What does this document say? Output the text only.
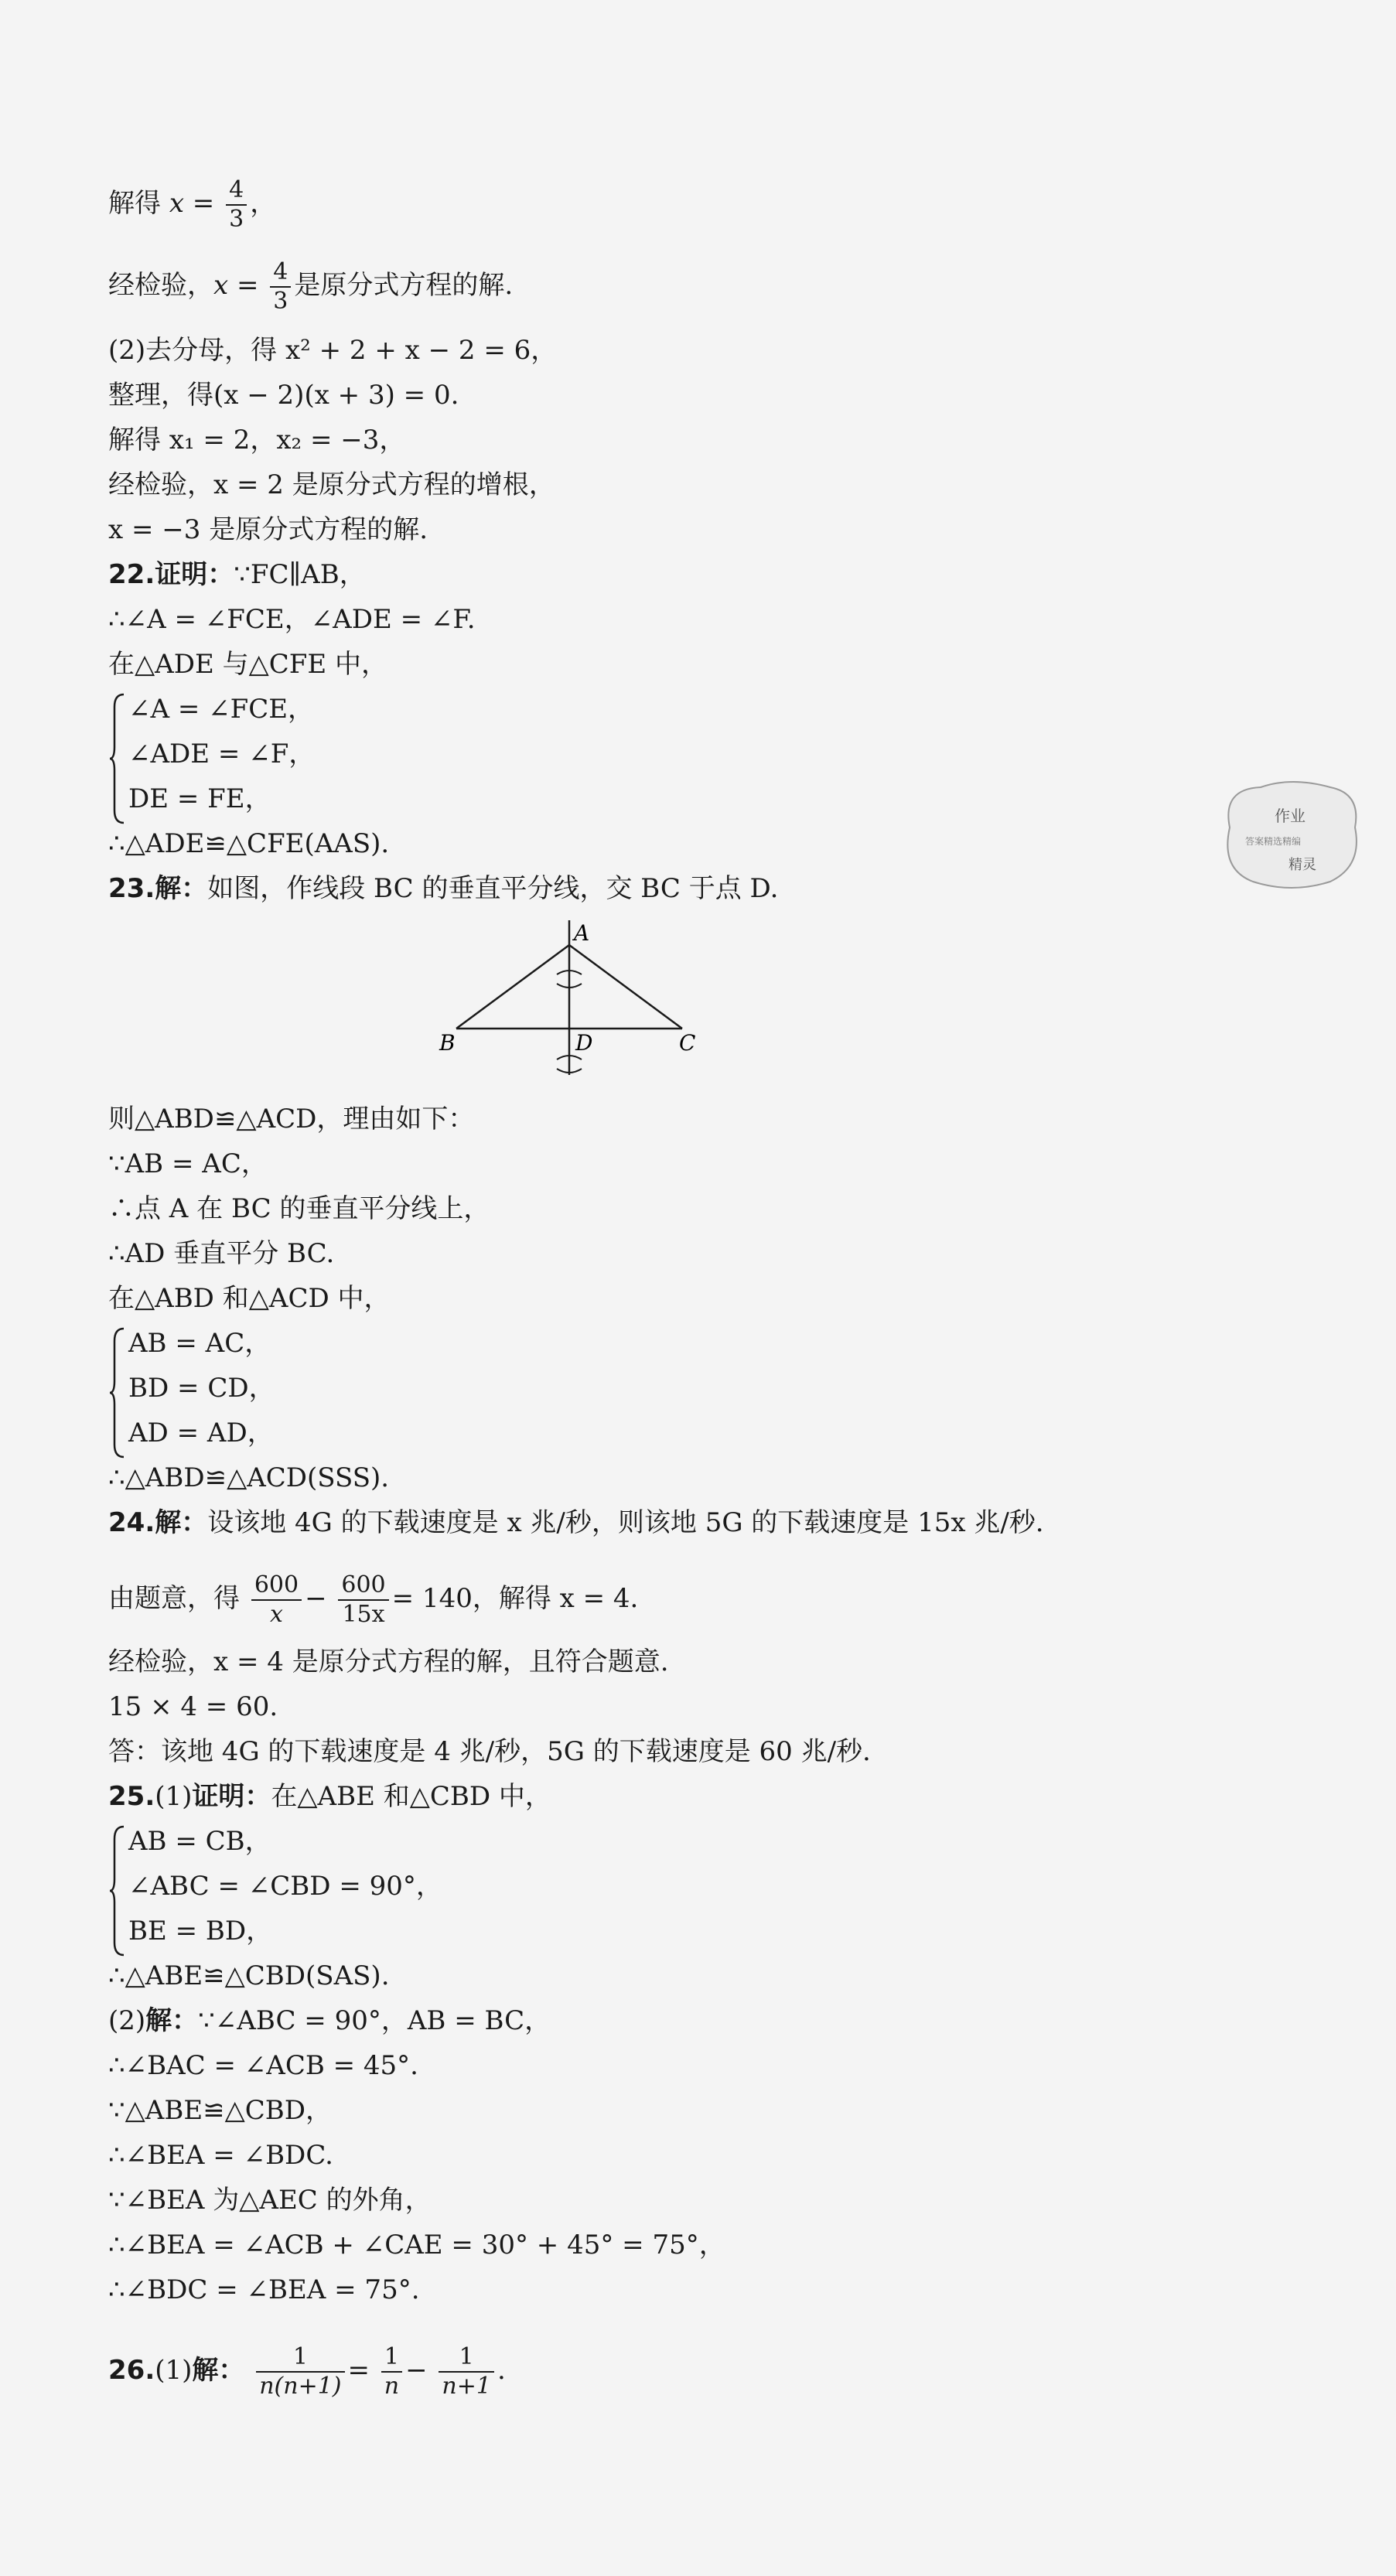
解得 $x = \frac{4}{3}$ ，
经检验，$x = \frac{4}{3}$ 是原分式方程的解.
(2)去分母，得 x² + 2 + x − 2 = 6，
整理，得(x − 2)(x + 3) = 0.
解得 x₁ = 2，x₂ = −3，
经检验，x = 2 是原分式方程的增根，
x = −3 是原分式方程的解.
22.证明：∵FC∥AB，
∴∠A = ∠FCE，∠ADE = ∠F.
在△ADE 与△CFE 中，
∠A = ∠FCE，
∠ADE = ∠F，
DE = FE，
∴△ADE≌△CFE(AAS).
23.解：如图，作线段 BC 的垂直平分线，交 BC 于点 D.
A
B	C
D
则△ABD≌△ACD，理由如下：
∵AB = AC，
∴点 A 在 BC 的垂直平分线上，
∴AD 垂直平分 BC.
在△ABD 和△ACD 中，
AB = AC，
BD = CD，
AD = AD，
∴△ABD≌△ACD(SSS).
24.解：设该地 4G 的下载速度是 x 兆/秒，则该地 5G 的下载速度是 15x 兆/秒.
由题意，得 $\frac{600}{x} - \frac{600}{15x} = 140$，解得 x = 4.
经检验，x = 4 是原分式方程的解，且符合题意.
15 × 4 = 60.
答：该地 4G 的下载速度是 4 兆/秒，5G 的下载速度是 60 兆/秒.
25.(1)证明：在△ABE 和△CBD 中，
AB = CB，
∠ABC = ∠CBD = 90°，
BE = BD，
∴△ABE≌△CBD(SAS).
(2)解：∵∠ABC = 90°，AB = BC，
∴∠BAC = ∠ACB = 45°.
∵△ABE≌△CBD，
∴∠BEA = ∠BDC.
∵∠BEA 为△AEC 的外角，
∴∠BEA = ∠ACB + ∠CAE = 30° + 45° = 75°，
∴∠BDC = ∠BEA = 75°.
26.(1)解： $\frac{1}{n(n+1)} = \frac{1}{n} - \frac{1}{n+1}$ .
作业
答案精选精编
精灵
